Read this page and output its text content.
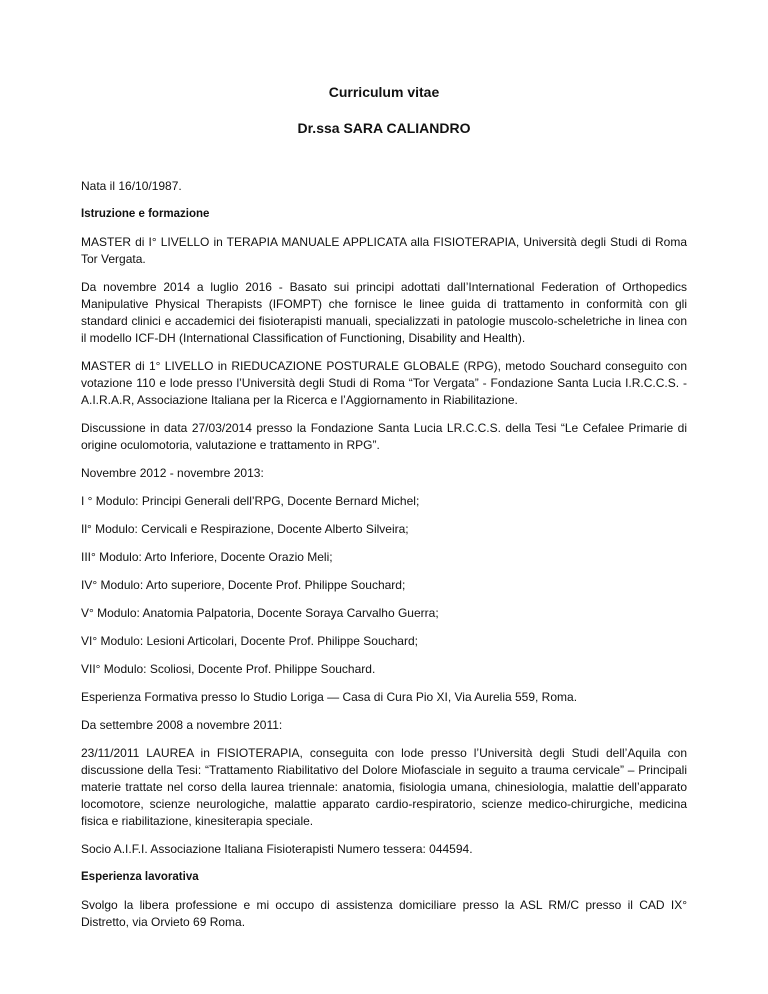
Curriculum vitae

Dr.ssa SARA CALIANDRO

Nata il 16/10/1987.

Istruzione e formazione

MASTER di I° LIVELLO in TERAPIA MANUALE APPLICATA alla FISIOTERAPIA, Università degli Studi di Roma Tor Vergata.

Da novembre 2014 a luglio 2016 - Basato sui principi adottati dall’International Federation of Orthopedics Manipulative Physical Therapists (IFOMPT) che fornisce le linee guida di trattamento in conformità con gli standard clinici e accademici dei fisioterapisti manuali, specializzati in patologie muscolo-scheletriche in linea con il modello ICF-DH (International Classification of Functioning, Disability and Health).

MASTER di 1° LIVELLO in RIEDUCAZIONE POSTURALE GLOBALE (RPG), metodo Souchard conseguito con votazione 110 e lode presso l’Università degli Studi di Roma “Tor Vergata” - Fondazione Santa Lucia I.R.C.C.S. - A.I.R.A.R, Associazione Italiana per la Ricerca e l’Aggiornamento in Riabilitazione.

Discussione in data 27/03/2014 presso la Fondazione Santa Lucia LR.C.C.S. della Tesi “Le Cefalee Primarie di origine oculomotoria, valutazione e trattamento in RPG”.

Novembre 2012 - novembre 2013:

I ° Modulo: Principi Generali dell’RPG, Docente Bernard Michel;

Il° Modulo: Cervicali e Respirazione, Docente Alberto Silveira;

III° Modulo: Arto Inferiore, Docente Orazio Meli;

IV° Modulo: Arto superiore, Docente Prof. Philippe Souchard;

V° Modulo: Anatomia Palpatoria, Docente Soraya Carvalho Guerra;

VI° Modulo: Lesioni Articolari, Docente Prof. Philippe Souchard;

VII° Modulo: Scoliosi, Docente Prof. Philippe Souchard.

Esperienza Formativa presso lo Studio Loriga — Casa di Cura Pio XI, Via Aurelia 559, Roma.

Da settembre 2008 a novembre 2011:

23/11/2011 LAUREA in FISIOTERAPIA, conseguita con lode presso l’Università degli Studi dell’Aquila con discussione della Tesi: “Trattamento Riabilitativo del Dolore Miofasciale in seguito a trauma cervicale” – Principali materie trattate nel corso della laurea triennale: anatomia, fisiologia umana, chinesiologia, malattie dell’apparato locomotore, scienze neurologiche, malattie apparato cardio-respiratorio, scienze medico-chirurgiche, medicina fisica e riabilitazione, kinesiterapia speciale.

Socio A.I.F.I. Associazione Italiana Fisioterapisti Numero tessera: 044594.

Esperienza lavorativa

Svolgo la libera professione e mi occupo di assistenza domiciliare presso la ASL RM/C presso il CAD IX° Distretto, via Orvieto 69 Roma.
